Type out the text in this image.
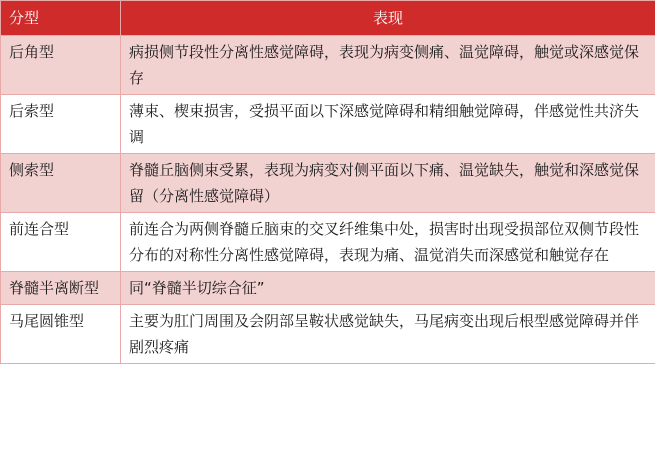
分型	表现
后角型	病损侧节段性分离性感觉障碍，表现为病变侧痛、温觉障碍，触觉或深感觉保存
后索型	薄束、楔束损害，受损平面以下深感觉障碍和精细触觉障碍，伴感觉性共济失调
侧索型	脊髓丘脑侧束受累，表现为病变对侧平面以下痛、温觉缺失，触觉和深感觉保留（分离性感觉障碍）
前连合型	前连合为两侧脊髓丘脑束的交叉纤维集中处，损害时出现受损部位双侧节段性分布的对称性分离性感觉障碍，表现为痛、温觉消失而深感觉和触觉存在
脊髓半离断型	同“脊髓半切综合征”
马尾圆锥型	主要为肛门周围及会阴部呈鞍状感觉缺失，马尾病变出现后根型感觉障碍并伴剧烈疼痛
